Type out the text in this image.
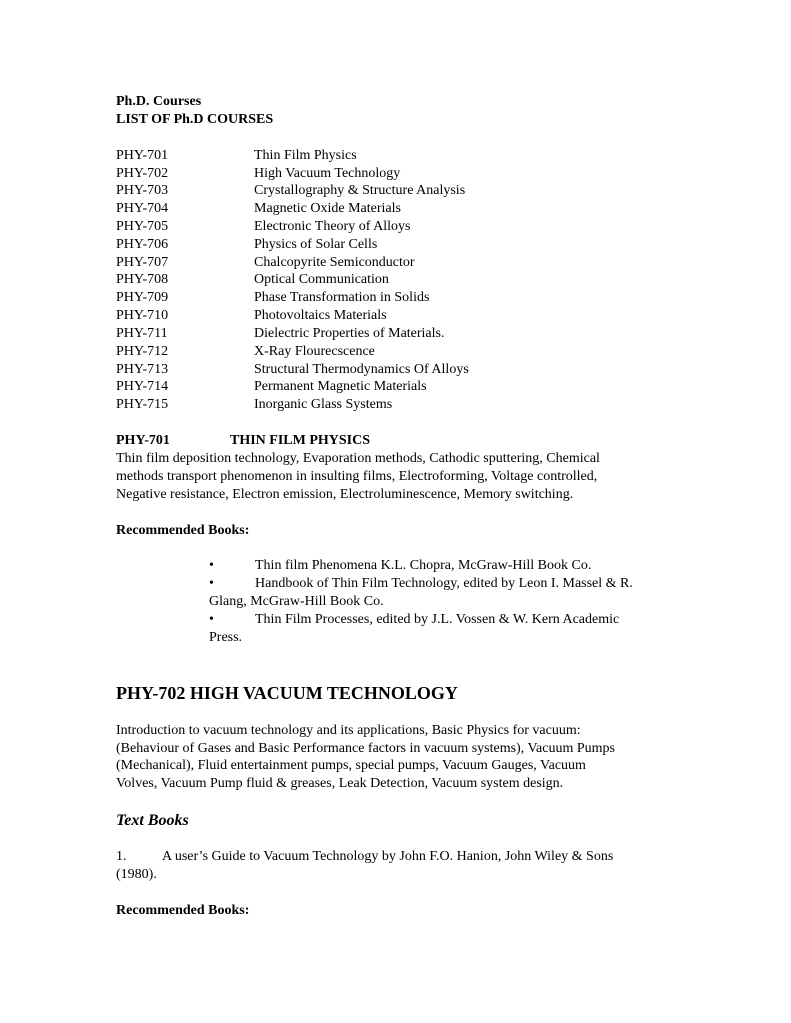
Ph.D. Courses
LIST OF Ph.D COURSES
PHY-701	Thin Film Physics
PHY-702	High Vacuum Technology
PHY-703	Crystallography & Structure Analysis
PHY-704	Magnetic Oxide Materials
PHY-705	Electronic Theory of Alloys
PHY-706	Physics of Solar Cells
PHY-707	Chalcopyrite Semiconductor
PHY-708	Optical Communication
PHY-709	Phase Transformation in Solids
PHY-710	Photovoltaics Materials
PHY-711	Dielectric Properties of Materials.
PHY-712	X-Ray Flourecscence
PHY-713	Structural Thermodynamics Of Alloys
PHY-714	Permanent Magnetic Materials
PHY-715	Inorganic Glass Systems
PHY-701	THIN FILM PHYSICS
Thin film deposition technology, Evaporation methods, Cathodic sputtering, Chemical
methods transport phenomenon in insulting films, Electroforming, Voltage controlled,
Negative resistance, Electron emission, Electroluminescence, Memory switching.
Recommended Books:
•	Thin film Phenomena K.L. Chopra, McGraw-Hill Book Co.
•	Handbook of Thin Film Technology, edited by Leon I. Massel & R.
Glang, McGraw-Hill Book Co.
•	Thin Film Processes, edited by J.L. Vossen & W. Kern Academic
Press.
PHY-702 HIGH VACUUM TECHNOLOGY
Introduction to vacuum technology and its applications, Basic Physics for vacuum:
(Behaviour of Gases and Basic Performance factors in vacuum systems), Vacuum Pumps
(Mechanical), Fluid entertainment pumps, special pumps, Vacuum Gauges, Vacuum
Volves, Vacuum Pump fluid & greases, Leak Detection, Vacuum system design.
Text Books
1.	A user’s Guide to Vacuum Technology by John F.O. Hanion, John Wiley & Sons
(1980).
Recommended Books:
